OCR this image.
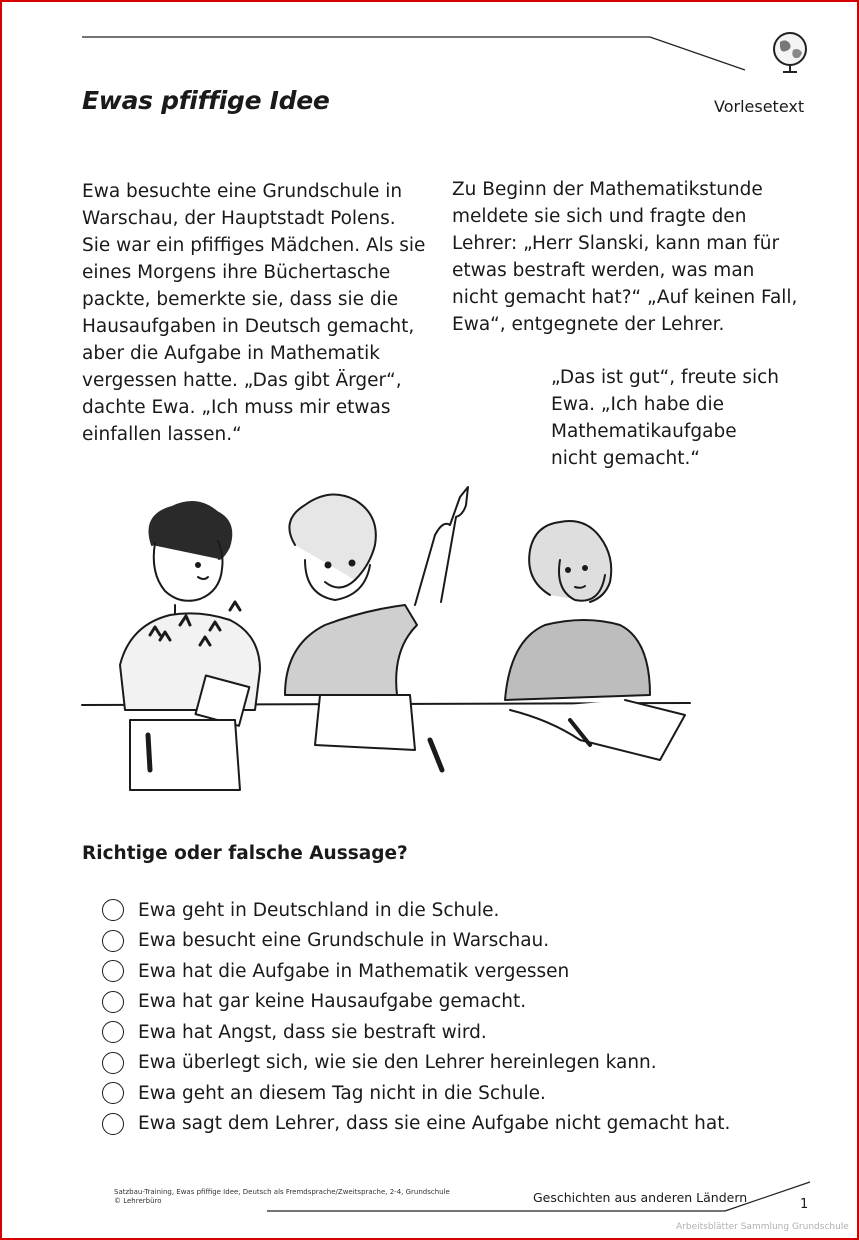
Ewas pfiffige Idee	Vorlesetext

Ewa besuchte eine Grundschule in
Warschau, der Hauptstadt Polens.
Sie war ein pfiffiges Mädchen. Als sie
eines Morgens ihre Büchertasche
packte, bemerkte sie, dass sie die
Hausaufgaben in Deutsch gemacht,
aber die Aufgabe in Mathematik
vergessen hatte. „Das gibt Ärger“,
dachte Ewa. „Ich muss mir etwas
einfallen lassen.“

Zu Beginn der Mathematikstunde
meldete sie sich und fragte den
Lehrer: „Herr Slanski, kann man für
etwas bestraft werden, was man
nicht gemacht hat?“ „Auf keinen Fall,
Ewa“, entgegnete der Lehrer.

„Das ist gut“, freute sich
Ewa. „Ich habe die
Mathematikaufgabe
nicht gemacht.“

Richtige oder falsche Aussage?
Ewa geht in Deutschland in die Schule.
Ewa besucht eine Grundschule in Warschau.
Ewa hat die Aufgabe in Mathematik vergessen
Ewa hat gar keine Hausaufgabe gemacht.
Ewa hat Angst, dass sie bestraft wird.
Ewa überlegt sich, wie sie den Lehrer hereinlegen kann.
Ewa geht an diesem Tag nicht in die Schule.
Ewa sagt dem Lehrer, dass sie eine Aufgabe nicht gemacht hat.
Satzbau-Training, Ewas pfiffige Idee, Deutsch als Fremdsprache/Zweitsprache, 2-4, Grundschule
© Lehrerbüro	Geschichten aus anderen Ländern	1
Arbeitsblätter Sammlung Grundschule
